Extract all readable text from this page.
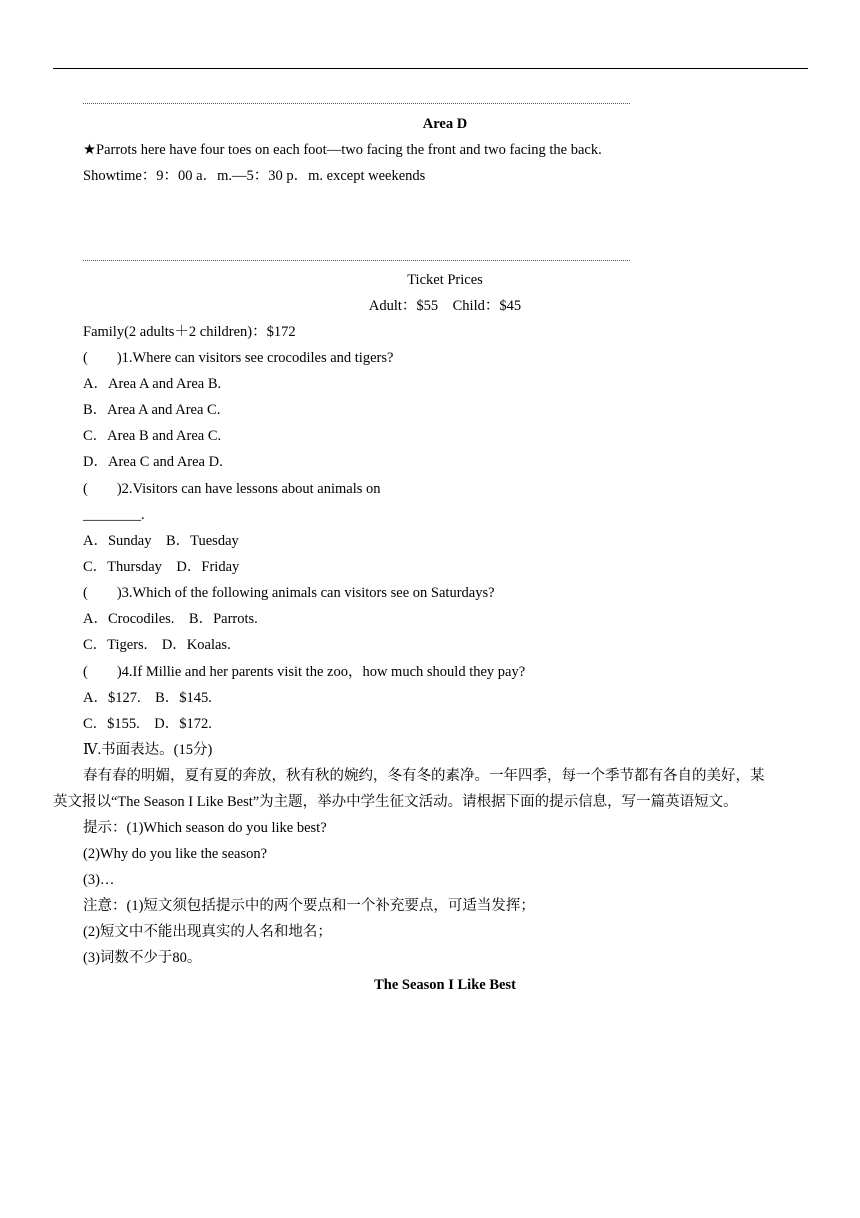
Area D
★Parrots here have four toes on each foot—two facing the front and two facing the back.
Showtime：9：00 a．m.—5：30 p．m. except weekends
Ticket Prices
Adult：$55　Child：$45
Family(2 adults＋2 children)：$172
(　　)1.Where can visitors see crocodiles and tigers?
A．Area A and Area B.
B．Area A and Area C.
C．Area B and Area C.
D．Area C and Area D.
(　　)2.Visitors can have lessons about animals on
________.
A．Sunday　B．Tuesday
C．Thursday　D．Friday
(　　)3.Which of the following animals can visitors see on Saturdays?
A．Crocodiles.　B．Parrots.
C．Tigers.　D．Koalas.
(　　)4.If Millie and her parents visit the zoo，how much should they pay?
A．$127.　B．$145.
C．$155.　D．$172.
Ⅳ.书面表达。(15分)
春有春的明媚，夏有夏的奔放，秋有秋的婉约，冬有冬的素净。一年四季，每一个季节都有各自的美好，某
英文报以“The Season I Like Best”为主题，举办中学生征文活动。请根据下面的提示信息，写一篇英语短文。
提示：(1)Which season do you like best?
(2)Why do you like the season?
(3)…
注意：(1)短文须包括提示中的两个要点和一个补充要点，可适当发挥；
(2)短文中不能出现真实的人名和地名；
(3)词数不少于80。
The Season I Like Best
